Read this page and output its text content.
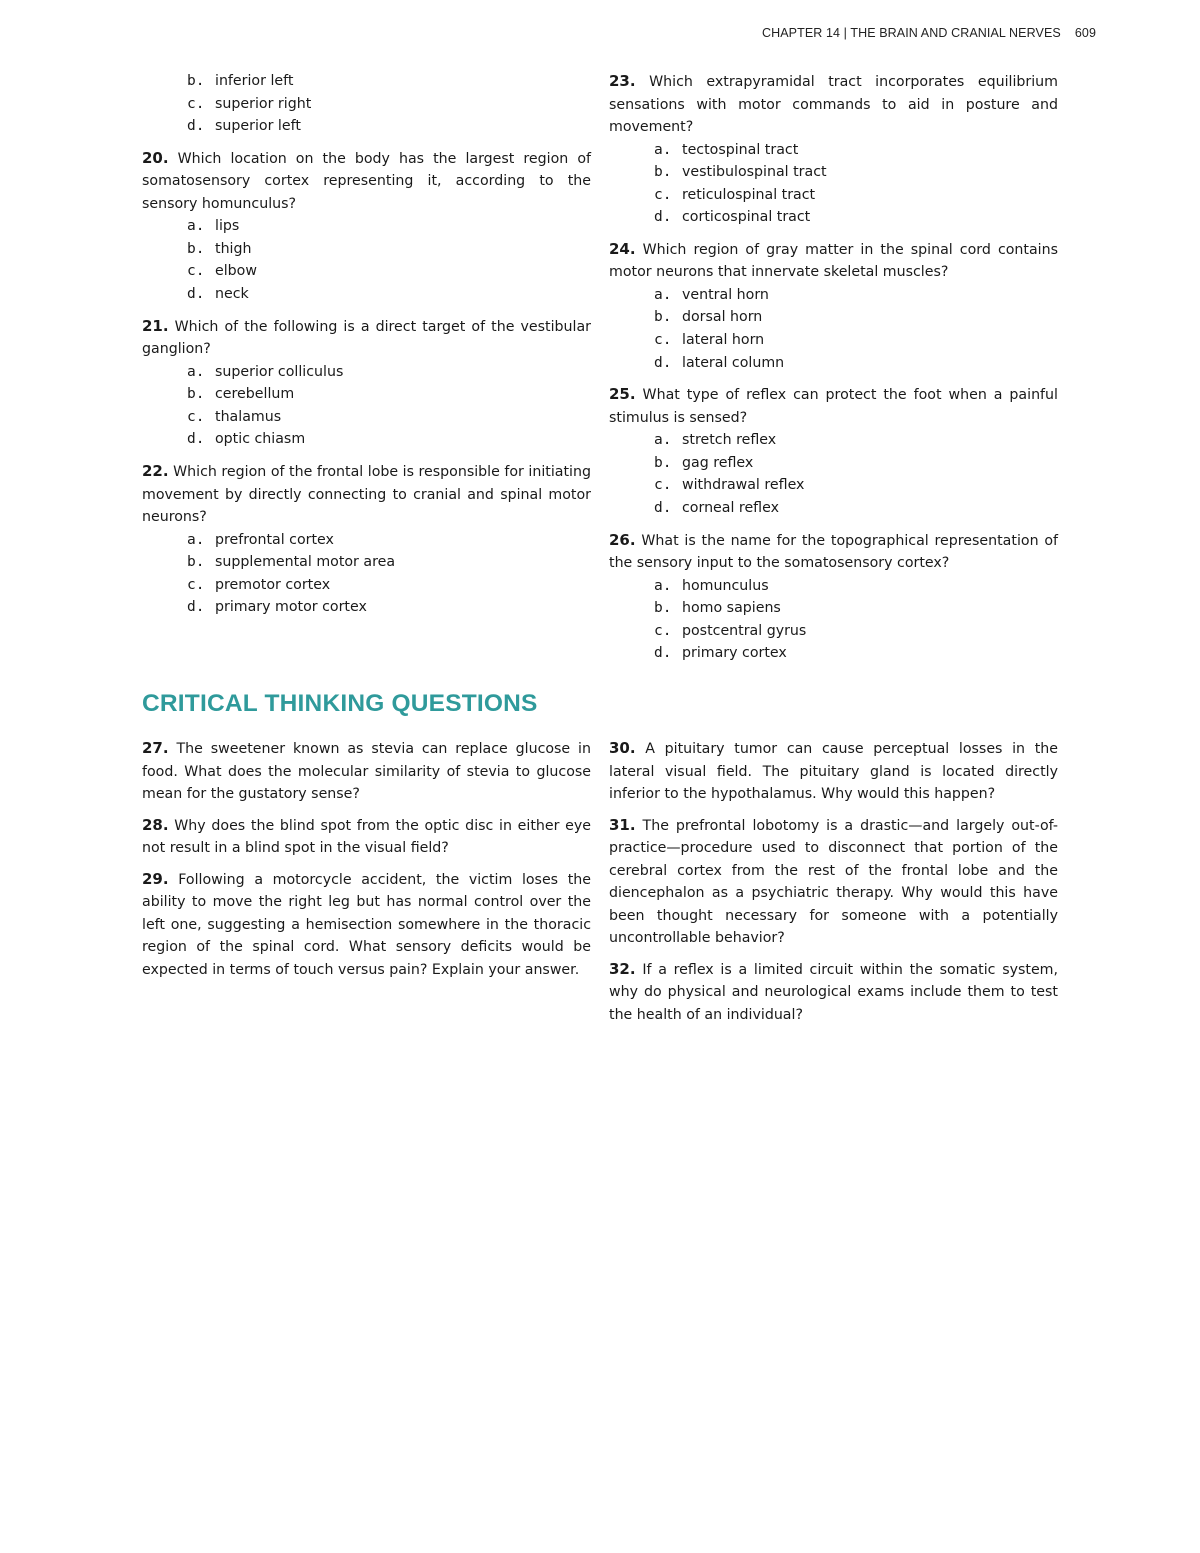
CHAPTER 14 | THE BRAIN AND CRANIAL NERVES 609
b. inferior left
c. superior right
d. superior left

20. Which location on the body has the largest region of somatosensory cortex representing it, according to the sensory homunculus?

a. lips
b. thigh
c. elbow
d. neck

21. Which of the following is a direct target of the vestibular ganglion?

a. superior colliculus
b. cerebellum
c. thalamus
d. optic chiasm

22. Which region of the frontal lobe is responsible for initiating movement by directly connecting to cranial and spinal motor neurons?

a. prefrontal cortex
b. supplemental motor area
c. premotor cortex
d. primary motor cortex

23. Which extrapyramidal tract incorporates equilibrium sensations with motor commands to aid in posture and movement?

a. tectospinal tract
b. vestibulospinal tract
c. reticulospinal tract
d. corticospinal tract

24. Which region of gray matter in the spinal cord contains motor neurons that innervate skeletal muscles?

a. ventral horn
b. dorsal horn
c. lateral horn
d. lateral column

25. What type of reflex can protect the foot when a painful stimulus is sensed?

a. stretch reflex
b. gag reflex
c. withdrawal reflex
d. corneal reflex

26. What is the name for the topographical representation of the sensory input to the somatosensory cortex?

a. homunculus
b. homo sapiens
c. postcentral gyrus
d. primary cortex
CRITICAL THINKING QUESTIONS

27. The sweetener known as stevia can replace glucose in food. What does the molecular similarity of stevia to glucose mean for the gustatory sense?

28. Why does the blind spot from the optic disc in either eye not result in a blind spot in the visual field?

29. Following a motorcycle accident, the victim loses the ability to move the right leg but has normal control over the left one, suggesting a hemisection somewhere in the thoracic region of the spinal cord. What sensory deficits would be expected in terms of touch versus pain? Explain your answer.

30. A pituitary tumor can cause perceptual losses in the lateral visual field. The pituitary gland is located directly inferior to the hypothalamus. Why would this happen?

31. The prefrontal lobotomy is a drastic—and largely out-of-practice—procedure used to disconnect that portion of the cerebral cortex from the rest of the frontal lobe and the diencephalon as a psychiatric therapy. Why would this have been thought necessary for someone with a potentially uncontrollable behavior?

32. If a reflex is a limited circuit within the somatic system, why do physical and neurological exams include them to test the health of an individual?
